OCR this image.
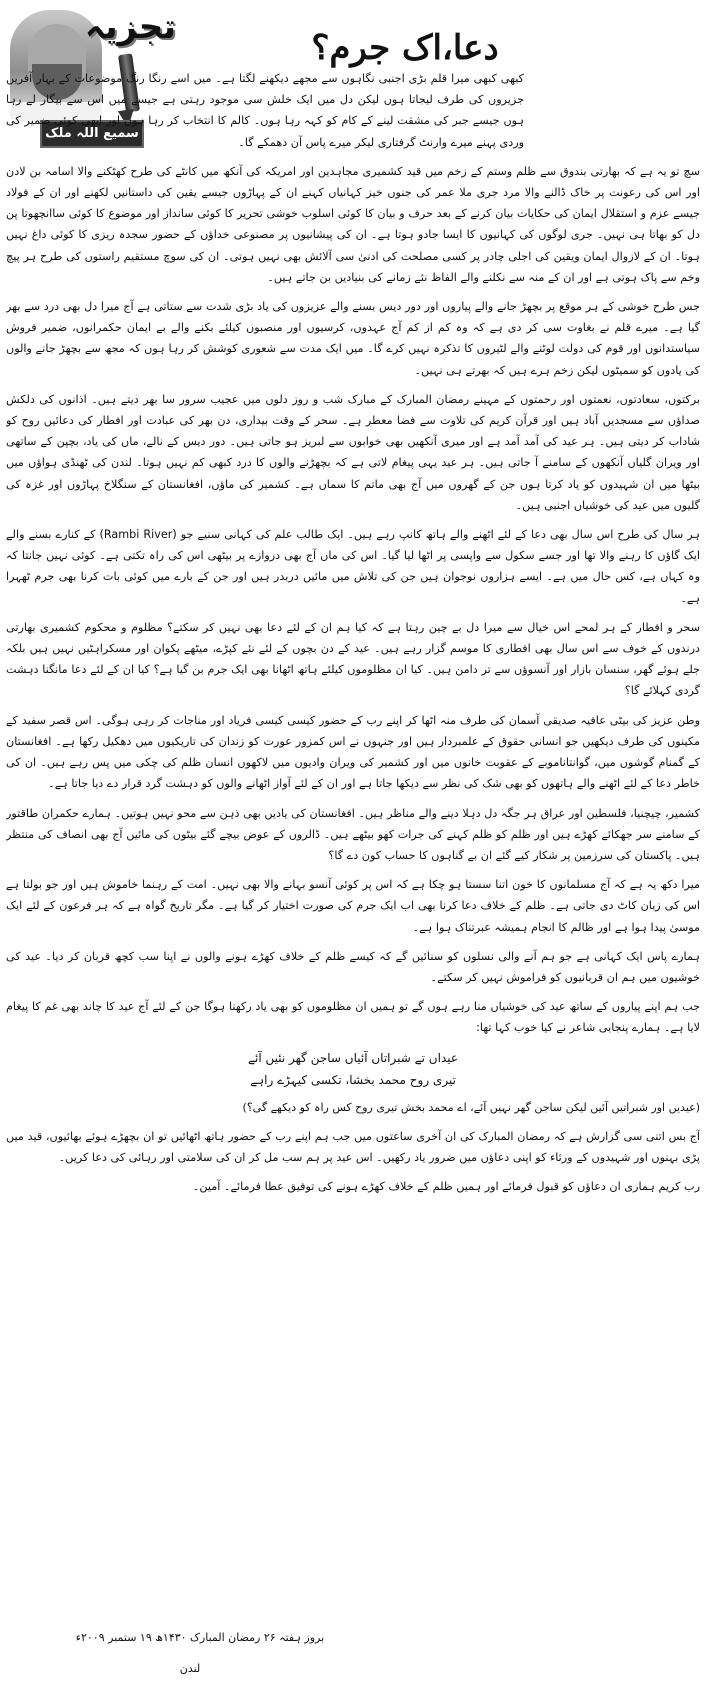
تجزیہ
سمیع اللہ ملک
دعا،اک جرم؟

کبھی کبھی میرا قلم بڑی اجنبی نگاہوں سے مجھے دیکھنے لگتا ہے۔ میں اسے رنگا رنگ موضوعات کے بہار آفریں جزیروں کی طرف لیجاتا ہوں لیکن دل میں ایک خلش سی موجود رہتی ہے جیسے میں اس سے بیگار لے رہا ہوں جیسے جبر کی مشقت لینے کے کام کو کہہ رہا ہوں۔ کالم کا انتخاب کر رہا ہوں اور ابھی کوئی ضمیر کی وردی پہنے میرے وارنٹ گرفتاری لیکر میرے پاس آن دھمکے گا۔

سچ تو یہ ہے کہ بھارتی بندوق سے ظلم وستم کے زخم میں قید کشمیری مجاہدین اور امریکہ کی آنکھ میں کانٹے کی طرح کھٹکنے والا اسامہ بن لادن اور اس کی رعونت پر خاک ڈالنے والا مرد جری ملا عمر کی جنوں خیز کہانیاں کہنے ان کے پہاڑوں جیسے یقین کی داستانیں لکھنے اور ان کے فولاد جیسے عزم و استقلال ایمان کی حکایات بیان کرنے کے بعد حرف و بیان کا کوئی اسلوب خوشی تحریر کا کوئی سانداز اور موضوع کا کوئی ساانچھوتا پن دل کو بھاتا ہی نہیں۔ جری لوگوں کی کہانیوں کا ایسا جادو ہوتا ہے۔ ان کی پیشانیوں پر مصنوعی خداؤں کے حضور سجدہ ریزی کا کوئی داغ نہیں ہوتا۔ ان کے لازوال ایمان ویقین کی اجلی چادر پر کسی مصلحت کی ادنیٰ سی آلائش بھی نہیں ہوتی۔ ان کی سوچ مستقیم راستوں کی طرح ہر پیچ وخم سے پاک ہوتی ہے اور ان کے منہ سے نکلنے والے الفاظ نئے زمانے کی بنیادیں بن جاتے ہیں۔

جس طرح خوشی کے ہر موقع پر بچھڑ جانے والے پیاروں اور دور دیس بسنے والے عزیزوں کی یاد بڑی شدت سے ستاتی ہے آج میرا دل بھی درد سے بھر گیا ہے۔ میرے قلم نے بغاوت سی کر دی ہے کہ وہ کم از کم آج عہدوں، کرسیوں اور منصبوں کیلئے بکنے والے بے ایمان حکمرانوں، ضمیر فروش سیاستدانوں اور قوم کی دولت لوٹنے والے لٹیروں کا تذکرہ نہیں کرے گا۔ میں ایک مدت سے شعوری کوشش کر رہا ہوں کہ مجھ سے بچھڑ جانے والوں کی یادوں کو سمیٹوں لیکن زخم ہرے ہیں کہ بھرتے ہی نہیں۔

برکتوں، سعادتوں، نعمتوں اور رحمتوں کے مہینے رمضان المبارک کے مبارک شب و روز دلوں میں عجیب سرور سا بھر دیتے ہیں۔ اذانوں کی دلکش صداؤں سے مسجدیں آباد ہیں اور قرآن کریم کی تلاوت سے فضا معطر ہے۔ سحر کے وقت بیداری، دن بھر کی عبادت اور افطار کی دعائیں روح کو شاداب کر دیتی ہیں۔ ہر عید کی آمد آمد ہے اور میری آنکھیں بھی خوابوں سے لبریز ہو جاتی ہیں۔ دور دیس کے نالے، ماں کی یاد، بچپن کے ساتھی اور ویران گلیاں آنکھوں کے سامنے آ جاتی ہیں۔ ہر عید یہی پیغام لاتی ہے کہ بچھڑنے والوں کا درد کبھی کم نہیں ہوتا۔ لندن کی ٹھنڈی ہواؤں میں بیٹھا میں ان شہیدوں کو یاد کرتا ہوں جن کے گھروں میں آج بھی ماتم کا سماں ہے۔ کشمیر کی ماؤں، افغانستان کے سنگلاخ پہاڑوں اور غزہ کی گلیوں میں عید کی خوشیاں اجنبی ہیں۔

ہر سال کی طرح اس سال بھی دعا کے لئے اٹھنے والے ہاتھ کانپ رہے ہیں۔ ایک طالب علم کی کہانی سنیے جو (Rambi River) کے کنارے بسنے والے ایک گاؤں کا رہنے والا تھا اور جسے سکول سے واپسی پر اٹھا لیا گیا۔ اس کی ماں آج بھی دروازے پر بیٹھی اس کی راہ تکتی ہے۔ کوئی نہیں جانتا کہ وہ کہاں ہے، کس حال میں ہے۔ ایسے ہزاروں نوجوان ہیں جن کی تلاش میں مائیں دربدر ہیں اور جن کے بارے میں کوئی بات کرنا بھی جرم ٹھہرا ہے۔

سحر و افطار کے ہر لمحے اس خیال سے میرا دل بے چین رہتا ہے کہ کیا ہم ان کے لئے دعا بھی نہیں کر سکتے؟ مظلوم و محکوم کشمیری بھارتی درندوں کے خوف سے اس سال بھی افطاری کا موسم گزار رہے ہیں۔ عید کے دن بچوں کے لئے نئے کپڑے، میٹھے پکوان اور مسکراہٹیں نہیں ہیں بلکہ جلے ہوئے گھر، سنسان بازار اور آنسوؤں سے تر دامن ہیں۔ کیا ان مظلوموں کیلئے ہاتھ اٹھانا بھی ایک جرم بن گیا ہے؟ کیا ان کے لئے دعا مانگنا دہشت گردی کہلائے گا؟

وطن عزیز کی بیٹی عافیہ صدیقی آسمان کی طرف منہ اٹھا کر اپنے رب کے حضور کیسی کیسی فریاد اور مناجات کر رہی ہوگی۔ اس قصر سفید کے مکینوں کی طرف دیکھیں جو انسانی حقوق کے علمبردار ہیں اور جنہوں نے اس کمزور عورت کو زندان کی تاریکیوں میں دھکیل رکھا ہے۔ افغانستان کے گمنام گوشوں میں، گوانتاناموبے کے عقوبت خانوں میں اور کشمیر کی ویران وادیوں میں لاکھوں انسان ظلم کی چکی میں پس رہے ہیں۔ ان کی خاطر دعا کے لئے اٹھنے والے ہاتھوں کو بھی شک کی نظر سے دیکھا جاتا ہے اور ان کے لئے آواز اٹھانے والوں کو دہشت گرد قرار دے دیا جاتا ہے۔

کشمیر، چیچنیا، فلسطین اور عراق ہر جگہ دل دہلا دینے والے مناظر ہیں۔ افغانستان کی یادیں بھی ذہن سے محو نہیں ہوتیں۔ ہمارے حکمران طاقتور کے سامنے سر جھکائے کھڑے ہیں اور ظلم کو ظلم کہنے کی جرات کھو بیٹھے ہیں۔ ڈالروں کے عوض بیچے گئے بیٹوں کی مائیں آج بھی انصاف کی منتظر ہیں۔ پاکستان کی سرزمین پر شکار کیے گئے ان بے گناہوں کا حساب کون دے گا؟

میرا دکھ یہ ہے کہ آج مسلمانوں کا خون اتنا سستا ہو چکا ہے کہ اس پر کوئی آنسو بہانے والا بھی نہیں۔ امت کے رہنما خاموش ہیں اور جو بولتا ہے اس کی زبان کاٹ دی جاتی ہے۔ ظلم کے خلاف دعا کرنا بھی اب ایک جرم کی صورت اختیار کر گیا ہے۔ مگر تاریخ گواہ ہے کہ ہر فرعون کے لئے ایک موسیٰ پیدا ہوا ہے اور ظالم کا انجام ہمیشہ عبرتناک ہوا ہے۔

ہمارے پاس ایک کہانی ہے جو ہم آنے والی نسلوں کو سنائیں گے کہ کیسے ظلم کے خلاف کھڑے ہونے والوں نے اپنا سب کچھ قربان کر دیا۔ عید کی خوشیوں میں ہم ان قربانیوں کو فراموش نہیں کر سکتے۔

جب ہم اپنے پیاروں کے ساتھ عید کی خوشیاں منا رہے ہوں گے تو ہمیں ان مظلوموں کو بھی یاد رکھنا ہوگا جن کے لئے آج عید کا چاند بھی غم کا پیغام لایا ہے۔ ہمارے پنجابی شاعر نے کیا خوب کہا تھا:

عیداں تے شبراتاں آئیاں ساجن گھر نئیں آئے
تیری روح محمد بخشا، تکسی کیہڑے راہے

(عیدیں اور شبراتیں آئیں لیکن ساجن گھر نہیں آئے، اے محمد بخش تیری روح کس راہ کو دیکھے گی؟)

آج بس اتنی سی گزارش ہے کہ رمضان المبارک کی ان آخری ساعتوں میں جب ہم اپنے رب کے حضور ہاتھ اٹھائیں تو ان بچھڑے ہوئے بھائیوں، قید میں پڑی بہنوں اور شہیدوں کے ورثاء کو اپنی دعاؤں میں ضرور یاد رکھیں۔ اس عید پر ہم سب مل کر ان کی سلامتی اور رہائی کی دعا کریں۔

رب کریم ہماری ان دعاؤں کو قبول فرمائے اور ہمیں ظلم کے خلاف کھڑے ہونے کی توفیق عطا فرمائے۔ آمین۔

بروز ہفتہ ۲۶ رمضان المبارک ۱۴۳۰ھ ۱۹ ستمبر ۲۰۰۹ء
لندن
